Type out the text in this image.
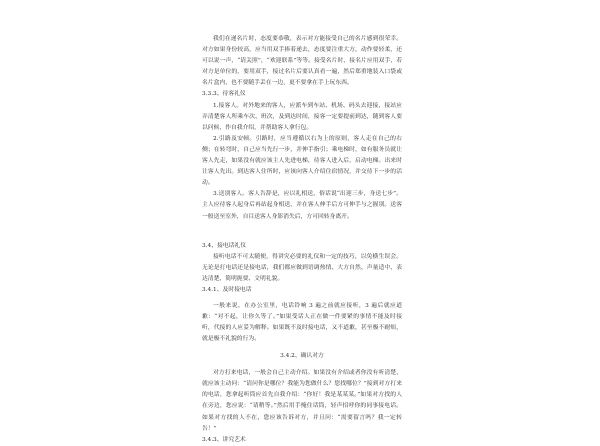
我们在递名片时，态度要恭敬，表示对方能接受自己的名片感到很荣幸。对方如果身份较高，应当用双手捧着递去，态度要注重大方，动作要轻柔，还可以说一声，“请关照”，“欢迎联系”等等。接受名片时，接名片应用双手，若对方是单位的，要用双手，接过名片后要认真看一遍，然后郑重地装入口袋或名片盒内，也不要随手丢在一边，更不要拿在手上玩东西。

3.3.3、待客礼仪

1.接客人。对外地来的客人，应派车到车站、机场、码头去迎接，接站应弄清楚客人所乘车次、班次，及到达时间，接客一定要提前到达，随到客人要以问候，作自我介绍，并帮助客人拿行包。

2.引路及安顿。引路时，应当遵循以右为上的原则，客人走在自己的右侧；在转弯时，自己应当先行一步，并伸手指引；乘电梯时，如有服务员就让客人先走，如果没有就应该主人先进电梯，待客人进入后，启动电梯。出来时让客人先出。到达客人住所时，应该向客人介绍住宿情况，并交待下一步的活动。

3.送别客人。客人告辞是，应以礼相送，俗话说“出迎三步，身送七步”。主人应待客人起身后再站起身相送，并在客人伸手后方可伸手与之握别。送客一般送至室外，自目送客人身影消失后，方可回转身离开。

3.4、接电话礼仪

接听电话不可太随便，得讲究必要的礼仪和一定的技巧，以免横生误会。无论是打电话还是接电话，我们都应做到语调热情、大方自然、声量适中、表达清楚、简明扼要、文明礼貌。

3.4.1、及时接电话

一般来说，在办公室里，电话铃响 3 遍之前就应接听，3 遍后就应道歉：“对不起，让你久等了。”如果受话人正在做一件要紧的事情不能及时接听，代接的人应妥为解释。如果既不及时接电话，又不道歉，甚至极不耐烦，就是极不礼貌的行为。

3.4.2、确认对方

对方打来电话，一般会自己主动介绍。如果没有介绍或者你没有听清楚，就应该主动问：“请问你是哪位？我能为您做什么？您找哪位？”接到对方打来的电话，您拿起听筒应首先自我介绍：“你好！我是某某某。”如果对方找的人在旁边，您应说：“请稍等。”然后用手掩住话筒，轻声招呼你的同事接电话。如果对方找的人不在，您应该告诉对方，并且问：“需要留言吗？我一定转告！”

3.4.3、讲究艺术
